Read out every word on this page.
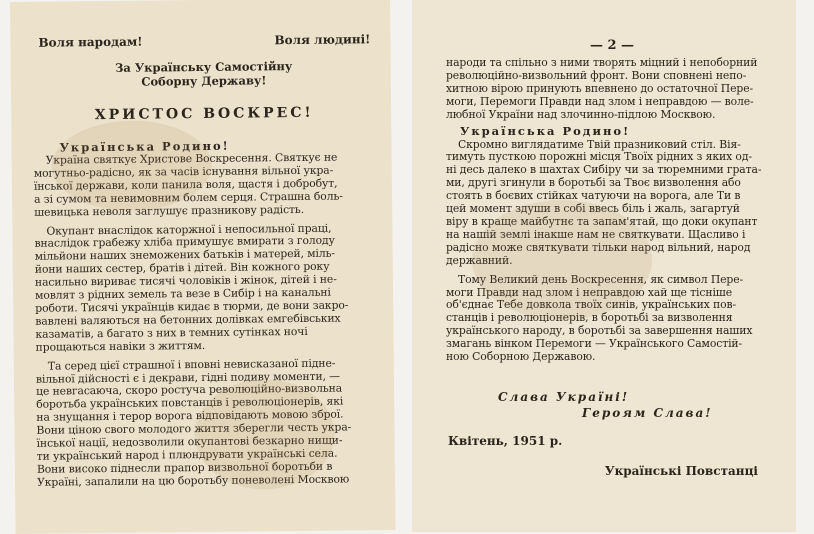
Воля народам!	Воля людині!
За Українську Самостійну
Соборну Державу!
ХРИСТОС ВОСКРЕС!
Українська Родино!

Україна святкує Христове Воскресення. Святкує не

могутньо-радісно, як за часів існування вільної укра-

їнської держави, коли панила воля, щастя і добробут,

а зі сумом та невимовним болем серця. Страшна боль-

шевицька неволя заглушує празникову радість.

Окупант внаслідок каторжної і непосильної праці,

внаслідок грабежу хліба примушує вмирати з голоду

мільйони наших знеможених батьків і матерей, міль-

йони наших сестер, братів і дітей. Він кожного року

насильно вириває тисячі чоловіків і жінок, дітей і не-

мовлят з рідних земель та везе в Сибір і на канальні

роботи. Тисячі українців кидає в тюрми, де вони закро-

вавлені валяються на бетонних долівках емгебівських

казаматів, а багато з них в темних сутінках ночі

прощаються навіки з життям.

Та серед цієї страшної і вповні невисказаної підне-

вільної дійсності є і декрави, гідні подиву моменти, —

це невгасаюча, скоро ростуча революційно-визвольна

боротьба українських повстанців і революціонерів, які

на знущання і терор ворога відповідають мовою зброї.

Вони ціною свого молодого життя зберегли честь укра-

їнської нації, недозволили окупантові безкарно нищи-

ти український народ і плюндрувати українські села.

Вони високо піднесли прапор визвольної боротьби в

Україні, запалили на цю боротьбу поневолені Москвою

— 2 —

народи та спільно з ними творять міцний і непоборний

революційно-визвольний фронт. Вони сповнені непо-

хитною вірою принують впевнено до остаточної Пере-

моги, Перемоги Правди над злом і неправдою — воле-

любної України над злочинно-підлою Москвою.

Українська Родино!

Скромно виглядатиме Твій празниковий стіл. Вія-

тимуть пусткою порожні місця Твоїх рідних з яких од-

ні десь далеко в шахтах Сибіру чи за тюремними грата-

ми, другі згинули в боротьбі за Твоє визволення або

стоять в боєвих стійках чатуючи на ворога, але Ти в

цей момент здуши в собі ввесь біль і жаль, загартуй

віру в краще майбутнє та запам'ятай, що доки окупант

на нашій землі інакше нам не святкувати. Щасливо і

радісно може святкувати тільки народ вільний, народ

державний.

Тому Великий день Воскресення, як символ Пере-

моги Правди над злом і неправдою хай ще тісніше

об'єднає Тебе довкола твоїх синів, українських пов-

станців і революціонерів, в боротьбі за визволення

українського народу, в боротьбі за завершення наших

змагань вінком Перемоги — Українського Самостій-

ною Соборною Державою.

Слава Україні!
Героям Слава!
Квітень, 1951 р.
Українські Повстанці
